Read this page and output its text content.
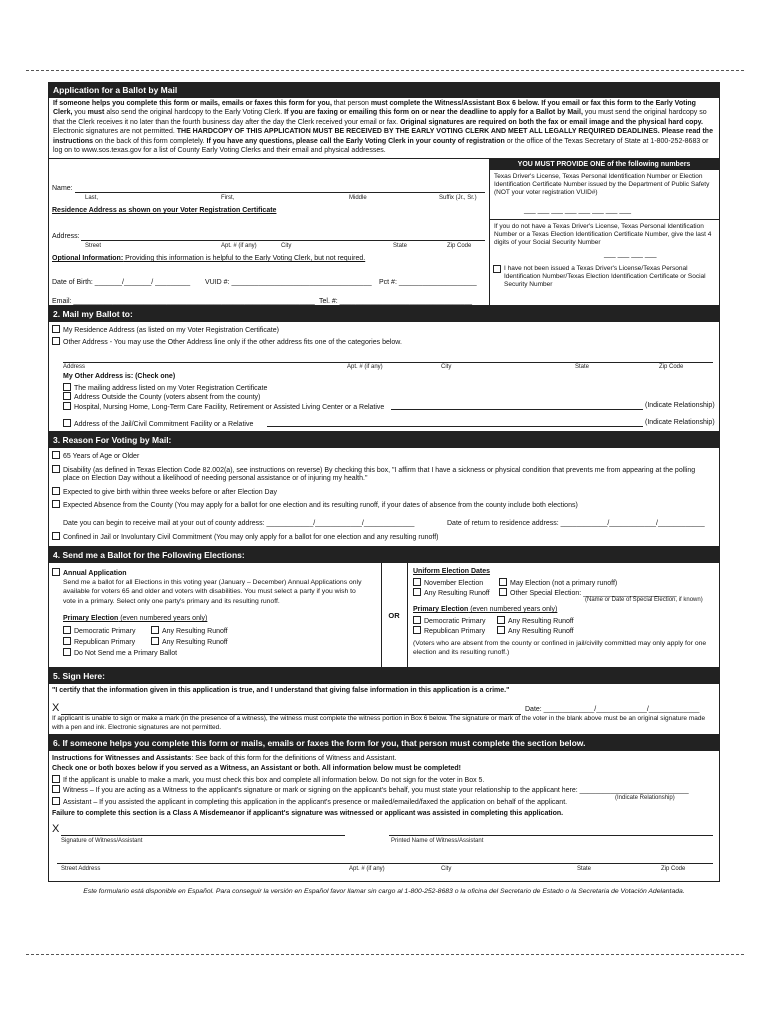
Application for a Ballot by Mail
If someone helps you complete this form or mails, emails or faxes this form for you, that person must complete the Witness/Assistant Box 6 below. If you email or fax this form to the Early Voting Clerk, you must also send the original hardcopy to the Early Voting Clerk. If you are faxing or emailing this form on or near the deadline to apply for a Ballot by Mail, you must send the original hardcopy so that the Clerk receives it no later than the fourth business day after the day the Clerk received your email or fax. Original signatures are required on both the fax or email image and the physical hard copy. Electronic signatures are not permitted. THE HARDCOPY OF THIS APPLICATION MUST BE RECEIVED BY THE EARLY VOTING CLERK AND MEET ALL LEGALLY REQUIRED DEADLINES. Please read the instructions on the back of this form completely. If you have any questions, please call the Early Voting Clerk in your county of registration or the office of the Texas Secretary of State at 1-800-252-8683 or log on to www.sos.texas.gov for a list of County Early Voting Clerks and their email and physical addresses.
YOU MUST PROVIDE ONE of the following numbers
Name:
Last,	First,	Middle	Suffix (Jr., Sr.)
Residence Address as shown on your Voter Registration Certificate
Address:
Street	Apt. # (if any)	City	State	Zip Code
Optional Information: Providing this information is helpful to the Early Voting Clerk, but not required.
Date of Birth: _______/_______/ _________ VUID #: ____________________________________ Pct #: ____________________
Email: ______________________________________________________________ Tel. #: __________________________________
Texas Driver's License, Texas Personal Identification Number or Election Identification Certificate Number issued by the Department of Public Safety (NOT your voter registration VUID#)
___ ___ ___ ___ ___ ___ ___ ___
If you do not have a Texas Driver's License, Texas Personal Identification Number or a Texas Election Identification Certificate Number, give the last 4 digits of your Social Security Number
___ ___ ___ ___
I have not been issued a Texas Driver's License/Texas Personal Identification Number/Texas Election Identification Certificate or Social Security Number
2. Mail my Ballot to:
My Residence Address (as listed on my Voter Registration Certificate)
Other Address - You may use the Other Address line only if the other address fits one of the categories below.
Address	Apt. # (if any)	City	State	Zip Code
My Other Address is: (Check one)
The mailing address listed on my Voter Registration Certificate
Address Outside the County (voters absent from the county)
Hospital, Nursing Home, Long-Term Care Facility, Retirement or Assisted Living Center or a Relative	(Indicate Relationship)
Address of the Jail/Civil Commitment Facility or a Relative	(Indicate Relationship)
3. Reason For Voting by Mail:
65 Years of Age or Older
Disability (as defined in Texas Election Code 82.002(a), see instructions on reverse) By checking this box, "I affirm that I have a sickness or physical condition that prevents me from appearing at the polling
place on Election Day without a likelihood of needing personal assistance or of injuring my health."
Expected to give birth within three weeks before or after Election Day
Expected Absence from the County (You may apply for a ballot for one election and its resulting runoff, if your dates of absence from the county include both elections)
Date you can begin to receive mail at your out of county address: ____________/____________/_____________	Date of return to residence address: ____________/____________/____________
Confined in Jail or Involuntary Civil Commitment (You may only apply for a ballot for one election and any resulting runoff)
4. Send me a Ballot for the Following Elections:
Annual Application
Send me a ballot for all Elections in this voting year (January – December) Annual Applications only available for voters 65 and older and voters with disabilities. You must select a party if you wish to vote in a primary. Select only one party's primary and its resulting runoff.
Primary Election (even numbered years only)
Democratic Primary	Any Resulting Runoff
Republican Primary	Any Resulting Runoff
Do Not Send me a Primary Ballot
OR
Uniform Election Dates
November Election	May Election (not a primary runoff)
Any Resulting Runoff	Other Special Election: ________________________
(Name or Date of Special Election, if known)
Primary Election (even numbered years only)
Democratic Primary	Any Resulting Runoff
Republican Primary	Any Resulting Runoff
(Voters who are absent from the county or confined in jail/civilly committed may only apply for one election and its resulting runoff.)
5. Sign Here:
"I certify that the information given in this application is true, and I understand that giving false information in this application is a crime."
X	Date: _____________/_____________/_____________
If applicant is unable to sign or make a mark (in the presence of a witness), the witness must complete the witness portion in Box 6 below. The signature or mark of the voter in the blank above must be an original signature made with a pen and ink. Electronic signatures are not permitted.
6. If someone helps you complete this form or mails, emails or faxes the form for you, that person must complete the section below.
Instructions for Witnesses and Assistants: See back of this form for the definitions of Witness and Assistant.
Check one or both boxes below if you served as a Witness, an Assistant or both. All information below must be completed!
If the applicant is unable to make a mark, you must check this box and complete all information below. Do not sign for the voter in Box 5.
Witness – If you are acting as a Witness to the applicant's signature or mark or signing on the applicant's behalf, you must state your relationship to the applicant here: ____________________________
(Indicate Relationship)
Assistant – If you assisted the applicant in completing this application in the applicant's presence or mailed/emailed/faxed the application on behalf of the applicant.
Failure to complete this section is a Class A Misdemeanor if applicant's signature was witnessed or applicant was assisted in completing this application.
X
Signature of Witness/Assistant	Printed Name of Witness/Assistant
Street Address	Apt. # (if any)	City	State	Zip Code
Este formulario está disponible en Español. Para conseguir la versión en Español favor llamar sin cargo al 1-800-252-8683 o la oficina del Secretario de Estado o la Secretaria de Votación Adelantada.
